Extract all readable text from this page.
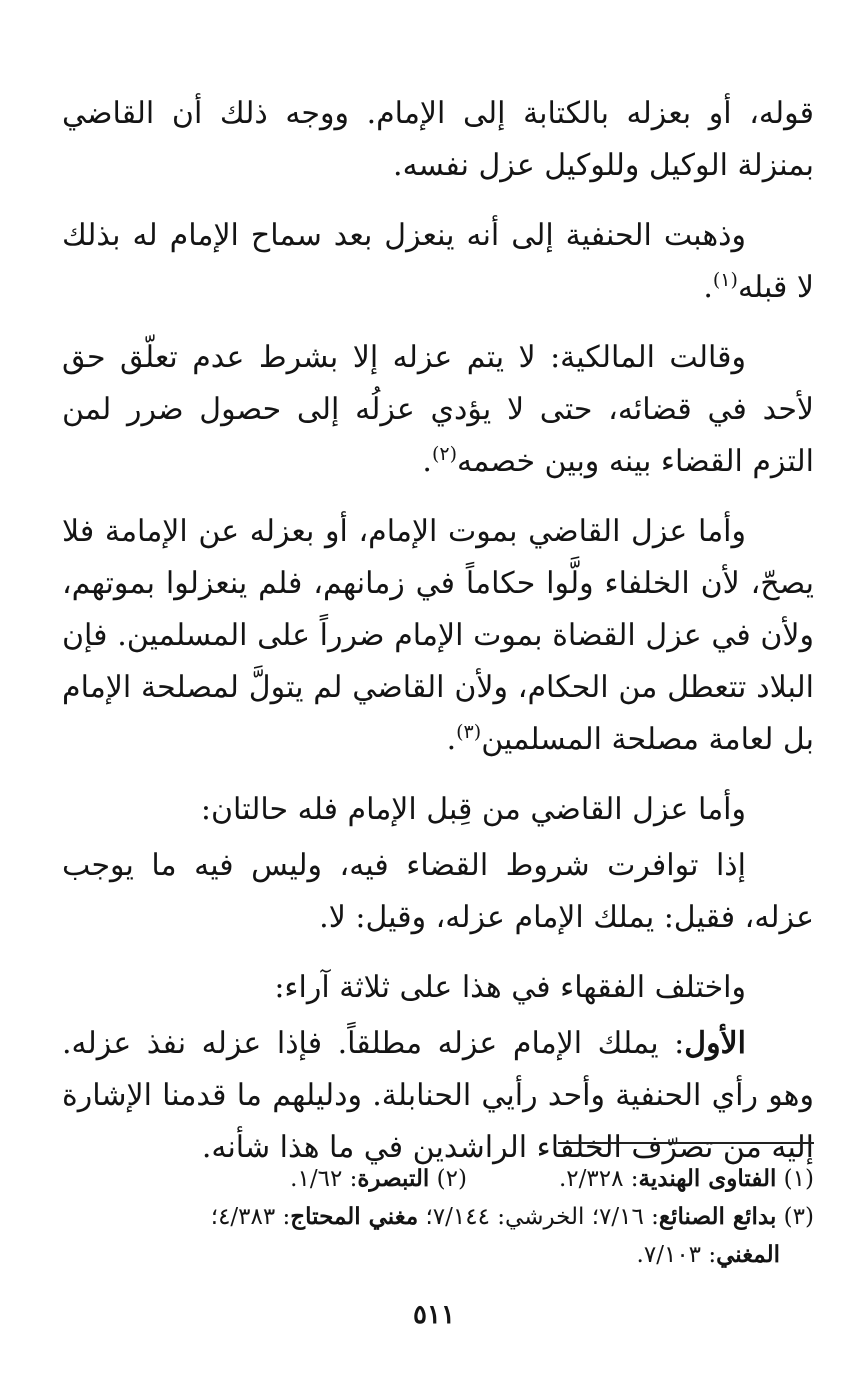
قوله، أو بعزله بالكتابة إلى الإمام. ووجه ذلك أن القاضي بمنزلة الوكيل وللوكيل عزل نفسه.

وذهبت الحنفية إلى أنه ينعزل بعد سماح الإمام له بذلك لا قبله$^{(١)}$.

وقالت المالكية: لا يتم عزله إلا بشرط عدم تعلّق حق لأحد في قضائه، حتى لا يؤدي عزلُه إلى حصول ضرر لمن التزم القضاء بينه وبين خصمه$^{(٢)}$.

وأما عزل القاضي بموت الإمام، أو بعزله عن الإمامة فلا يصحّ، لأن الخلفاء ولَّوا حكاماً في زمانهم، فلم ينعزلوا بموتهم، ولأن في عزل القضاة بموت الإمام ضرراً على المسلمين. فإن البلاد تتعطل من الحكام، ولأن القاضي لم يتولَّ لمصلحة الإمام بل لعامة مصلحة المسلمين$^{(٣)}$.

وأما عزل القاضي من قِبل الإمام فله حالتان:

إذا توافرت شروط القضاء فيه، وليس فيه ما يوجب عزله، فقيل: يملك الإمام عزله، وقيل: لا.

واختلف الفقهاء في هذا على ثلاثة آراء:

الأول: يملك الإمام عزله مطلقاً. فإذا عزله نفذ عزله. وهو رأي الحنفية وأحد رأيي الحنابلة. ودليلهم ما قدمنا الإشارة إليه من تصرّف الخلفاء الراشدين في ما هذا شأنه.

(١) الفتاوى الهندية: ٢/٣٢٨.(٢) التبصرة: ١/٦٢.
(٣) بدائع الصنائع: ٧/١٦؛ الخرشي: ٧/١٤٤؛ مغني المحتاج: ٤/٣٨٣؛
المغني: ٧/١٠٣.
٥١١
